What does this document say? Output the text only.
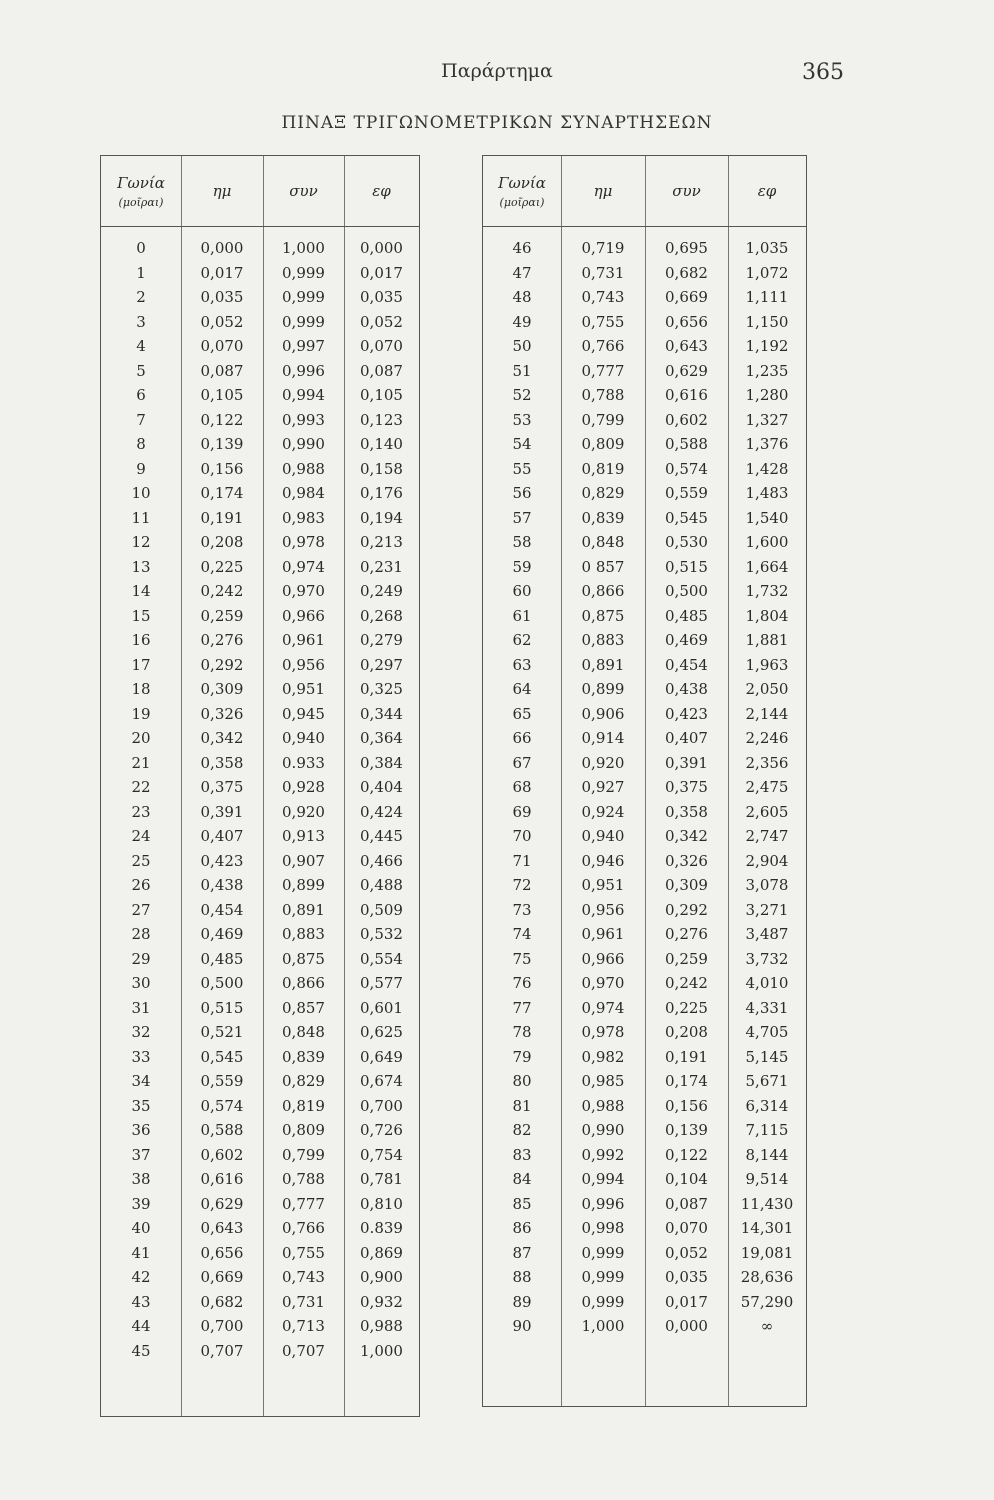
Παράρτημα	365
ΠΙΝΑΞ ΤΡΙΓΩΝΟΜΕΤΡΙΚΩΝ ΣΥΝΑΡΤΗΣΕΩΝ
Γωνία
(μοῖραι)
ημ	συν	εφ
0	0,000	1,000	0,000
1	0,017	0,999	0,017
2	0,035	0,999	0,035
3	0,052	0,999	0,052
4	0,070	0,997	0,070
5	0,087	0,996	0,087
6	0,105	0,994	0,105
7	0,122	0,993	0,123
8	0,139	0,990	0,140
9	0,156	0,988	0,158
10	0,174	0,984	0,176
11	0,191	0,983	0,194
12	0,208	0,978	0,213
13	0,225	0,974	0,231
14	0,242	0,970	0,249
15	0,259	0,966	0,268
16	0,276	0,961	0,279
17	0,292	0,956	0,297
18	0,309	0,951	0,325
19	0,326	0,945	0,344
20	0,342	0,940	0,364
21	0,358	0.933	0,384
22	0,375	0,928	0,404
23	0,391	0,920	0,424
24	0,407	0,913	0,445
25	0,423	0,907	0,466
26	0,438	0,899	0,488
27	0,454	0,891	0,509
28	0,469	0,883	0,532
29	0,485	0,875	0,554
30	0,500	0,866	0,577
31	0,515	0,857	0,601
32	0,521	0,848	0,625
33	0,545	0,839	0,649
34	0,559	0,829	0,674
35	0,574	0,819	0,700
36	0,588	0,809	0,726
37	0,602	0,799	0,754
38	0,616	0,788	0,781
39	0,629	0,777	0,810
40	0,643	0,766	0.839
41	0,656	0,755	0,869
42	0,669	0,743	0,900
43	0,682	0,731	0,932
44	0,700	0,713	0,988
45	0,707	0,707	1,000
Γωνία
(μοῖραι)
ημ	συν	εφ
46	0,719	0,695	1,035
47	0,731	0,682	1,072
48	0,743	0,669	1,111
49	0,755	0,656	1,150
50	0,766	0,643	1,192
51	0,777	0,629	1,235
52	0,788	0,616	1,280
53	0,799	0,602	1,327
54	0,809	0,588	1,376
55	0,819	0,574	1,428
56	0,829	0,559	1,483
57	0,839	0,545	1,540
58	0,848	0,530	1,600
59	0 857	0,515	1,664
60	0,866	0,500	1,732
61	0,875	0,485	1,804
62	0,883	0,469	1,881
63	0,891	0,454	1,963
64	0,899	0,438	2,050
65	0,906	0,423	2,144
66	0,914	0,407	2,246
67	0,920	0,391	2,356
68	0,927	0,375	2,475
69	0,924	0,358	2,605
70	0,940	0,342	2,747
71	0,946	0,326	2,904
72	0,951	0,309	3,078
73	0,956	0,292	3,271
74	0,961	0,276	3,487
75	0,966	0,259	3,732
76	0,970	0,242	4,010
77	0,974	0,225	4,331
78	0,978	0,208	4,705
79	0,982	0,191	5,145
80	0,985	0,174	5,671
81	0,988	0,156	6,314
82	0,990	0,139	7,115
83	0,992	0,122	8,144
84	0,994	0,104	9,514
85	0,996	0,087	11,430
86	0,998	0,070	14,301
87	0,999	0,052	19,081
88	0,999	0,035	28,636
89	0,999	0,017	57,290
90	1,000	0,000	∞
